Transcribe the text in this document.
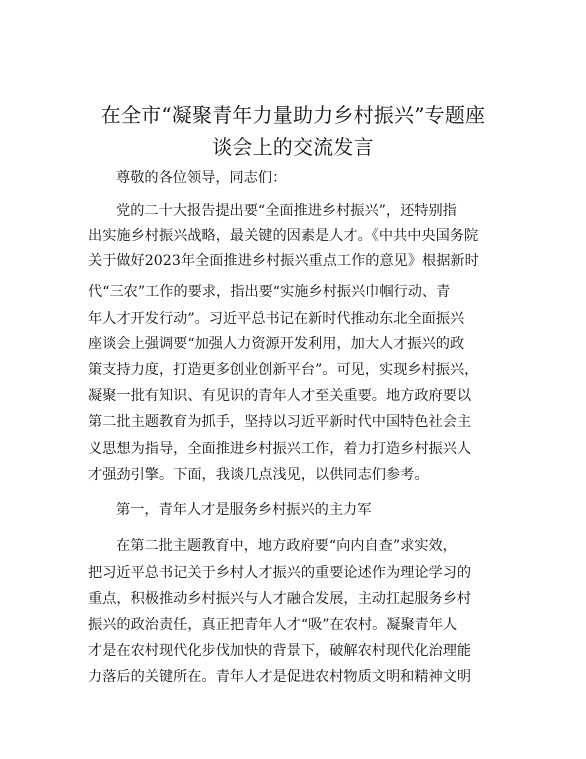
在全市“凝聚青年力量助力乡村振兴”专题座
谈会上的交流发言
尊敬的各位领导，同志们：
党的二十大报告提出要“全面推进乡村振兴”，还特别指
出实施乡村振兴战略，最关键的因素是人才。《中共中央国务院
关于做好2023年全面推进乡村振兴重点工作的意见》根据新时
代“三农”工作的要求，指出要“实施乡村振兴巾帼行动、青
年人才开发行动”。习近平总书记在新时代推动东北全面振兴
座谈会上强调要“加强人力资源开发利用，加大人才振兴的政
策支持力度，打造更多创业创新平台”。可见，实现乡村振兴，
凝聚一批有知识、有见识的青年人才至关重要。地方政府要以
第二批主题教育为抓手，坚持以习近平新时代中国特色社会主
义思想为指导，全面推进乡村振兴工作，着力打造乡村振兴人
才强劲引擎。下面，我谈几点浅见，以供同志们参考。
第一，青年人才是服务乡村振兴的主力军
在第二批主题教育中，地方政府要“向内自查”求实效，
把习近平总书记关于乡村人才振兴的重要论述作为理论学习的
重点，积极推动乡村振兴与人才融合发展，主动扛起服务乡村
振兴的政治责任，真正把青年人才“吸”在农村。凝聚青年人
才是在农村现代化步伐加快的背景下，破解农村现代化治理能
力落后的关键所在。青年人才是促进农村物质文明和精神文明
